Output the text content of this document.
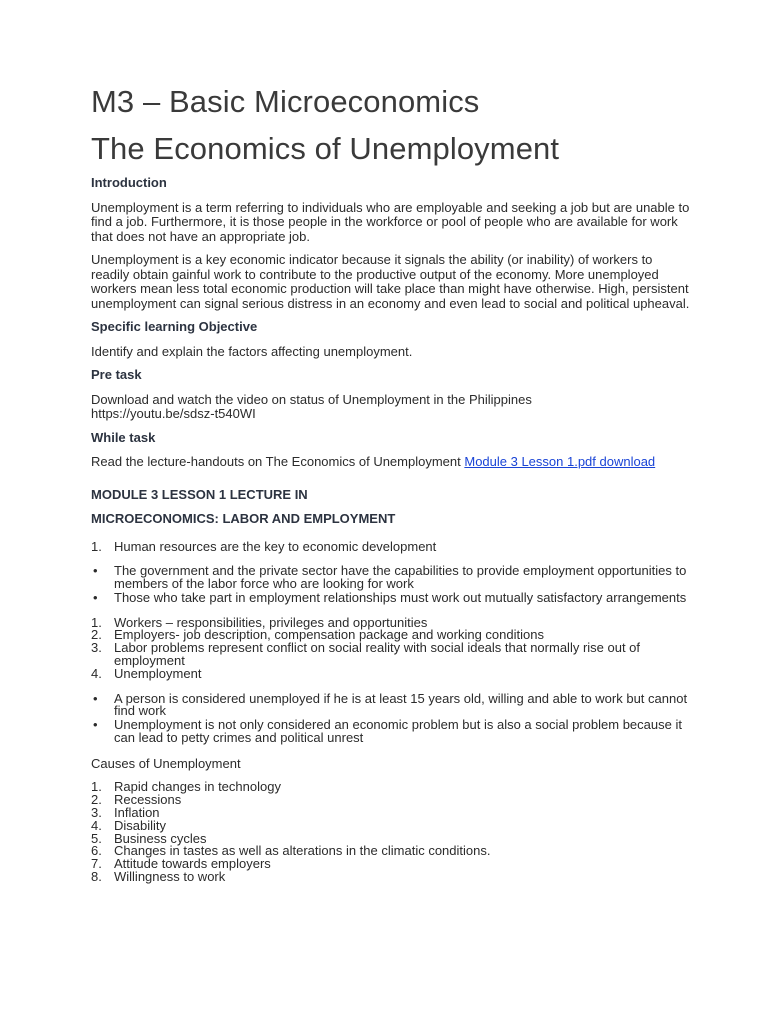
M3 – Basic Microeconomics
The Economics of Unemployment
Introduction

Unemployment is a term referring to individuals who are employable and seeking a job but are unable to find a job. Furthermore, it is those people in the workforce or pool of people who are available for work that does not have an appropriate job.

Unemployment is a key economic indicator because it signals the ability (or inability) of workers to readily obtain gainful work to contribute to the productive output of the economy. More unemployed workers mean less total economic production will take place than might have otherwise. High, persistent unemployment can signal serious distress in an economy and even lead to social and political upheaval.

Specific learning Objective

Identify and explain the factors affecting unemployment.

Pre task

Download and watch the video on status of Unemployment in the Philippines
https://youtu.be/sdsz-t540WI

While task

Read the lecture-handouts on The Economics of Unemployment Module 3 Lesson 1.pdf download

MODULE 3 LESSON 1 LECTURE IN
MICROECONOMICS: LABOR AND EMPLOYMENT
1. Human resources are the key to economic development
• The government and the private sector have the capabilities to provide employment opportunities to members of the labor force who are looking for work
• Those who take part in employment relationships must work out mutually satisfactory arrangements
1. Workers – responsibilities, privileges and opportunities
2. Employers- job description, compensation package and working conditions
3. Labor problems represent conflict on social reality with social ideals that normally rise out of employment
4. Unemployment
• A person is considered unemployed if he is at least 15 years old, willing and able to work but cannot find work
• Unemployment is not only considered an economic problem but is also a social problem because it can lead to petty crimes and political unrest

Causes of Unemployment

1. Rapid changes in technology
2. Recessions
3. Inflation
4. Disability
5. Business cycles
6. Changes in tastes as well as alterations in the climatic conditions.
7. Attitude towards employers
8. Willingness to work
